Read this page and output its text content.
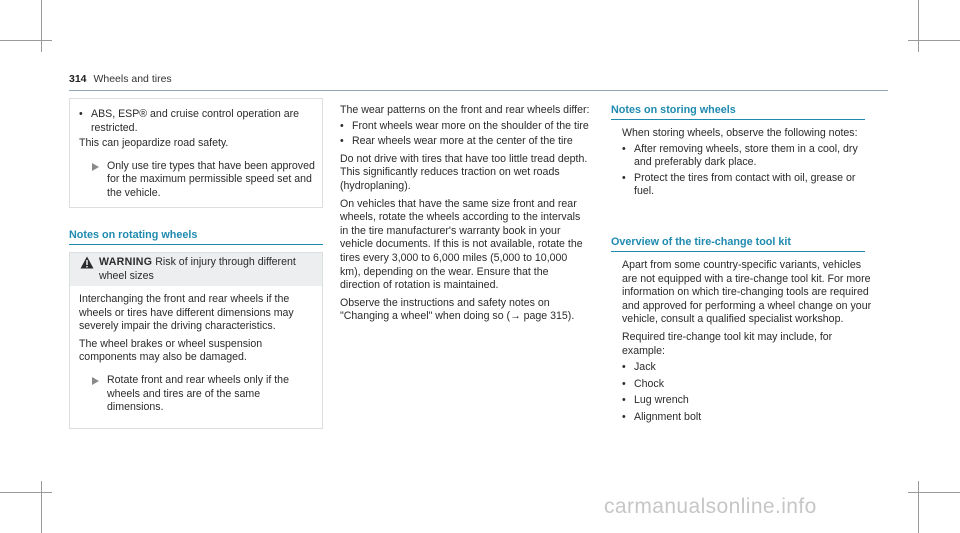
314 Wheels and tires
• ABS, ESP® and cruise control operation are restricted.

This can jeopardize road safety.

Only use tire types that have been approved for the maximum permissible speed set and the vehicle.
Notes on rotating wheels
WARNING Risk of injury through different wheel sizes

Interchanging the front and rear wheels if the wheels or tires have different dimensions may severely impair the driving characteristics.

The wheel brakes or wheel suspension components may also be damaged.

Rotate front and rear wheels only if the wheels and tires are of the same dimensions.

The wear patterns on the front and rear wheels differ:

• Front wheels wear more on the shoulder of the tire
• Rear wheels wear more at the center of the tire

Do not drive with tires that have too little tread depth. This significantly reduces traction on wet roads (hydroplaning).

On vehicles that have the same size front and rear wheels, rotate the wheels according to the intervals in the tire manufacturer's warranty book in your vehicle documents. If this is not available, rotate the tires every 3,000 to 6,000 miles (5,000 to 10,000 km), depending on the wear. Ensure that the direction of rotation is maintained.

Observe the instructions and safety notes on "Changing a wheel" when doing so (→ page 315).

Notes on storing wheels

When storing wheels, observe the following notes:

• After removing wheels, store them in a cool, dry and preferably dark place.
• Protect the tires from contact with oil, grease or fuel.
Overview of the tire-change tool kit

Apart from some country-specific variants, vehicles are not equipped with a tire-change tool kit. For more information on which tire-changing tools are required and approved for performing a wheel change on your vehicle, consult a qualified specialist workshop.

Required tire-change tool kit may include, for example:

• Jack
• Chock
• Lug wrench
• Alignment bolt
carmanualsonline.info
